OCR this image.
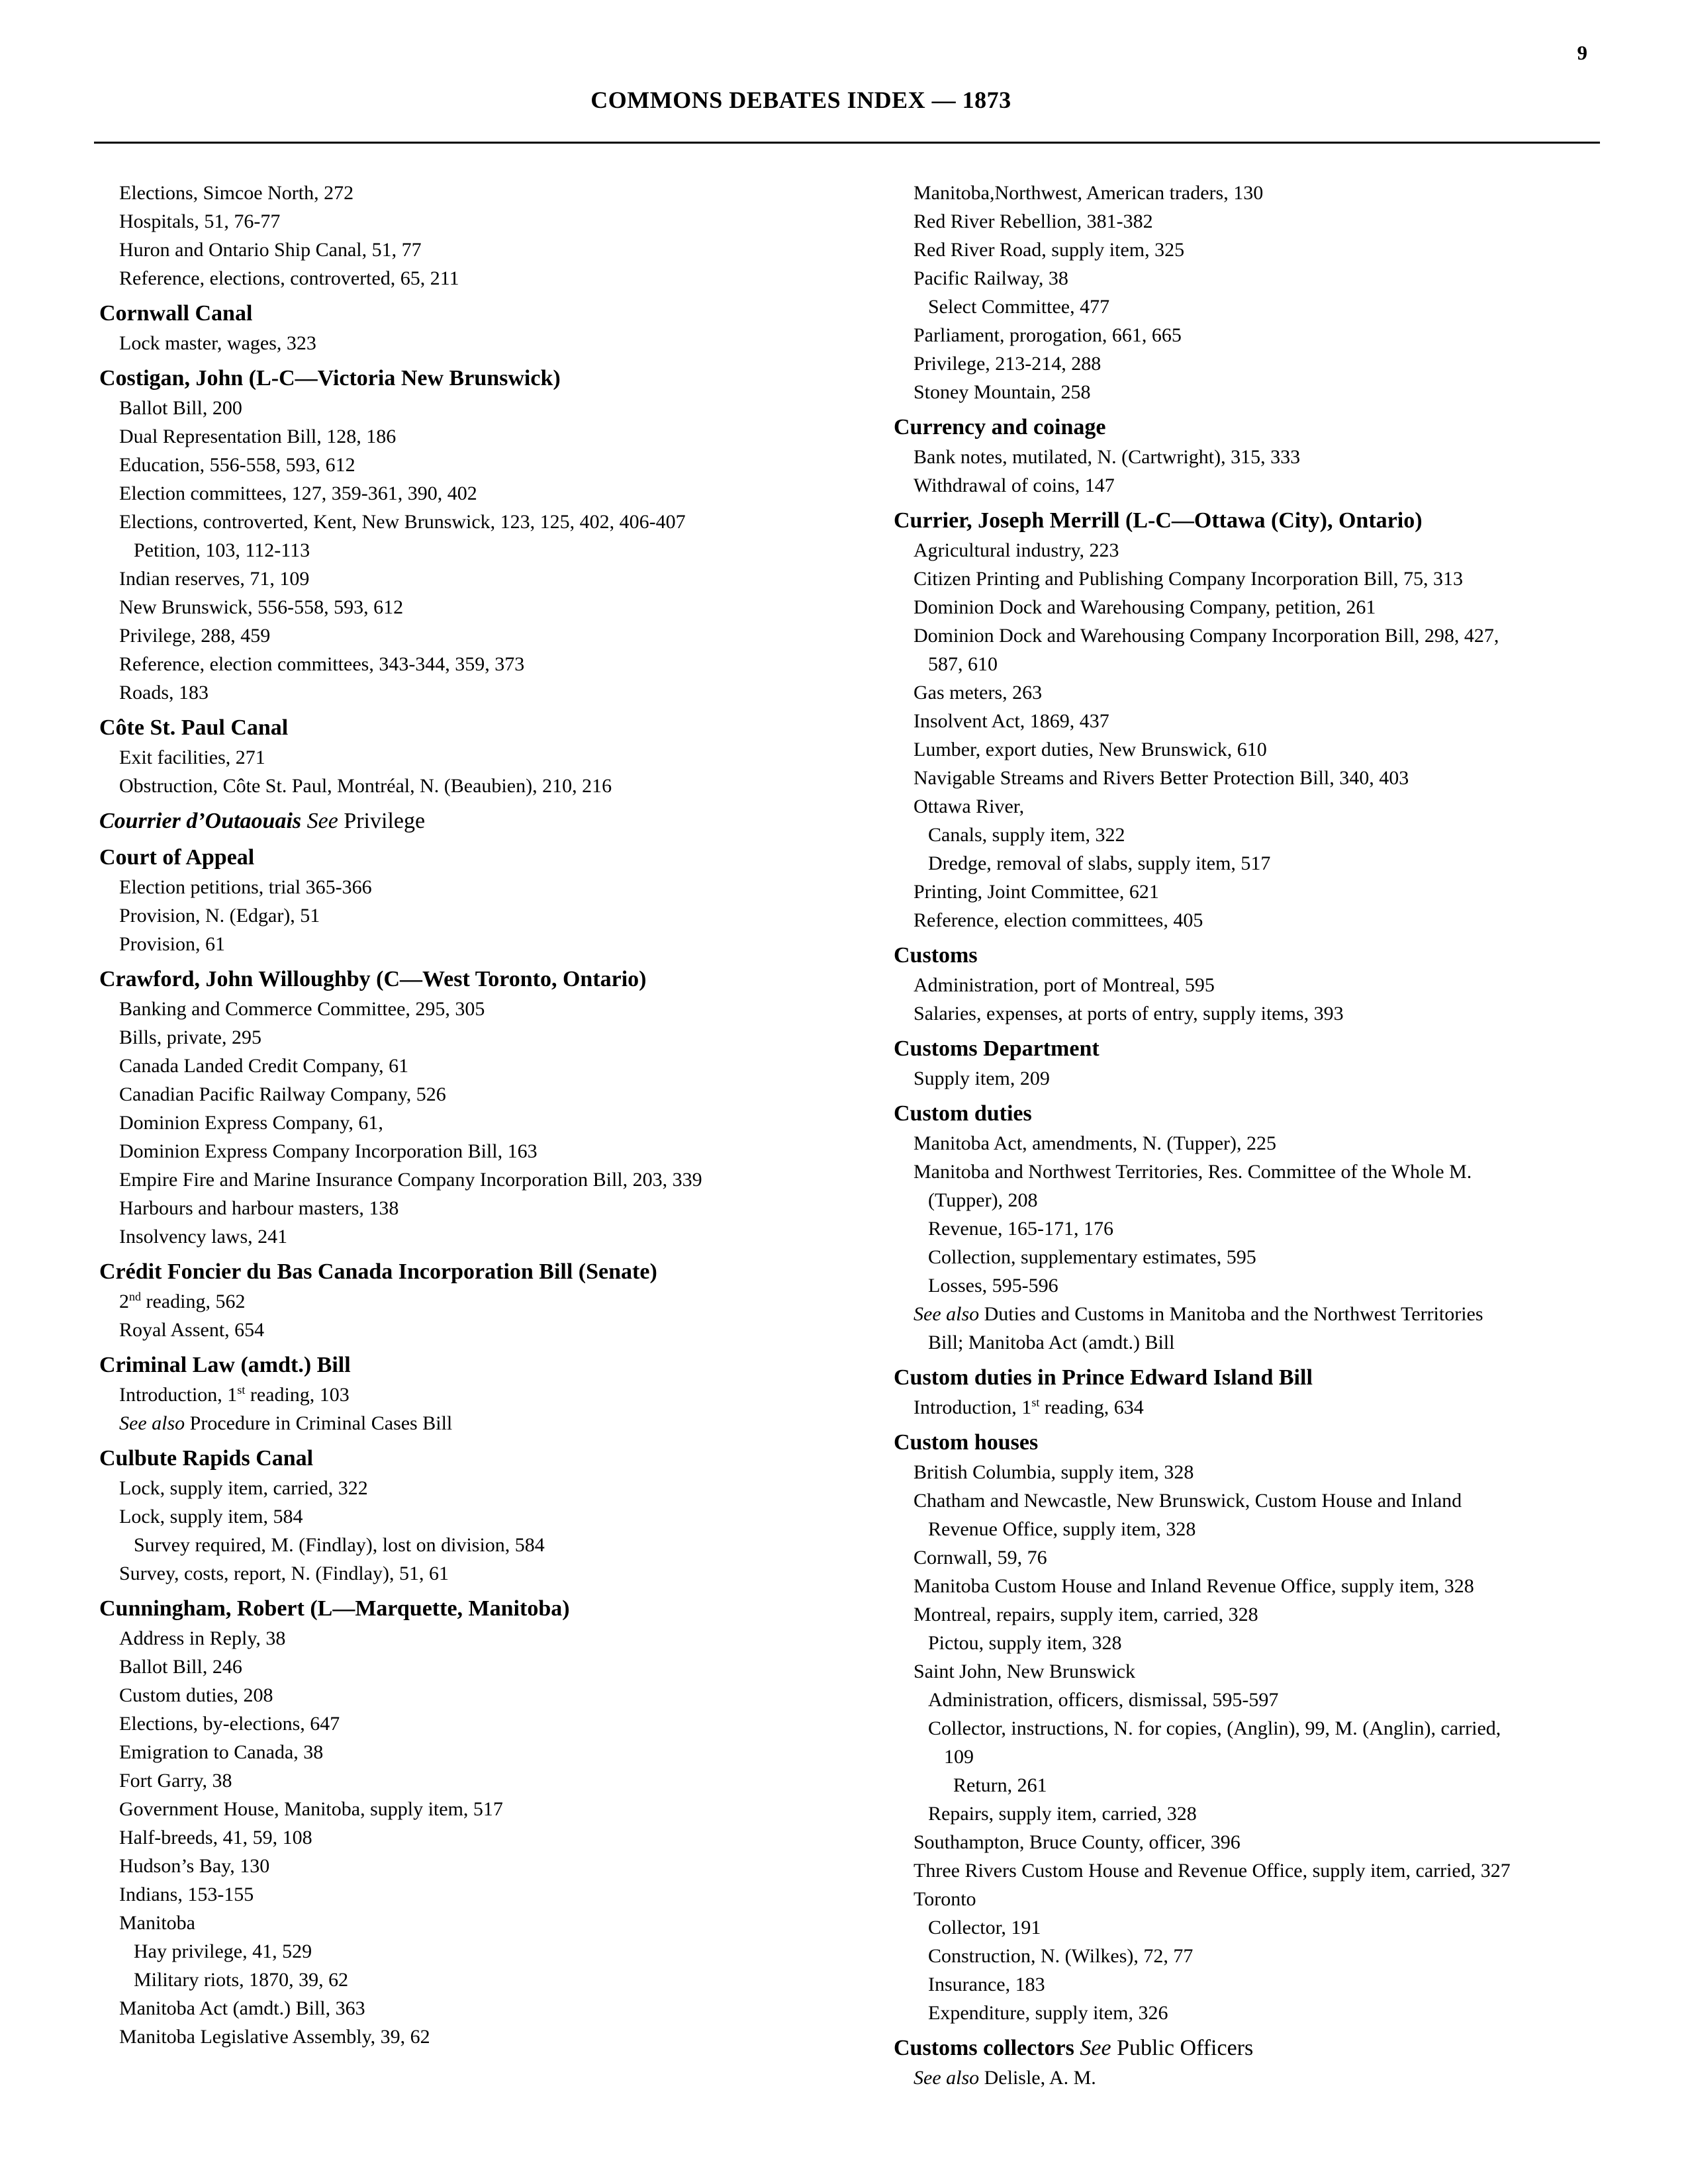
9
COMMONS DEBATES INDEX — 1873
Elections, Simcoe North, 272
Hospitals, 51, 76-77
Huron and Ontario Ship Canal, 51, 77
Reference, elections, controverted, 65, 211
Cornwall Canal
Lock master, wages, 323
Costigan, John (L-C—Victoria New Brunswick)
Ballot Bill, 200
Dual Representation Bill, 128, 186
Education, 556-558, 593, 612
Election committees, 127, 359-361, 390, 402
Elections, controverted, Kent, New Brunswick, 123, 125, 402, 406-407
Petition, 103, 112-113
Indian reserves, 71, 109
New Brunswick, 556-558, 593, 612
Privilege, 288, 459
Reference, election committees, 343-344, 359, 373
Roads, 183
Côte St. Paul Canal
Exit facilities, 271
Obstruction, Côte St. Paul, Montréal, N. (Beaubien), 210, 216
Courrier d’Outaouais See Privilege
Court of Appeal
Election petitions, trial 365-366
Provision, N. (Edgar), 51
Provision, 61
Crawford, John Willoughby (C—West Toronto, Ontario)
Banking and Commerce Committee, 295, 305
Bills, private, 295
Canada Landed Credit Company, 61
Canadian Pacific Railway Company, 526
Dominion Express Company, 61,
Dominion Express Company Incorporation Bill, 163
Empire Fire and Marine Insurance Company Incorporation Bill, 203, 339
Harbours and harbour masters, 138
Insolvency laws, 241
Crédit Foncier du Bas Canada Incorporation Bill (Senate)
2nd reading, 562
Royal Assent, 654
Criminal Law (amdt.) Bill
Introduction, 1st reading, 103
See also Procedure in Criminal Cases Bill
Culbute Rapids Canal
Lock, supply item, carried, 322
Lock, supply item, 584
Survey required, M. (Findlay), lost on division, 584
Survey, costs, report, N. (Findlay), 51, 61
Cunningham, Robert (L—Marquette, Manitoba)
Address in Reply, 38
Ballot Bill, 246
Custom duties, 208
Elections, by-elections, 647
Emigration to Canada, 38
Fort Garry, 38
Government House, Manitoba, supply item, 517
Half-breeds, 41, 59, 108
Hudson’s Bay, 130
Indians, 153-155
Manitoba
Hay privilege, 41, 529
Military riots, 1870, 39, 62
Manitoba Act (amdt.) Bill, 363
Manitoba Legislative Assembly, 39, 62
Manitoba,Northwest, American traders, 130
Red River Rebellion, 381-382
Red River Road, supply item, 325
Pacific Railway, 38
Select Committee, 477
Parliament, prorogation, 661, 665
Privilege, 213-214, 288
Stoney Mountain, 258
Currency and coinage
Bank notes, mutilated, N. (Cartwright), 315, 333
Withdrawal of coins, 147
Currier, Joseph Merrill (L-C—Ottawa (City), Ontario)
Agricultural industry, 223
Citizen Printing and Publishing Company Incorporation Bill, 75, 313
Dominion Dock and Warehousing Company, petition, 261
Dominion Dock and Warehousing Company Incorporation Bill, 298, 427,
587, 610
Gas meters, 263
Insolvent Act, 1869, 437
Lumber, export duties, New Brunswick, 610
Navigable Streams and Rivers Better Protection Bill, 340, 403
Ottawa River,
Canals, supply item, 322
Dredge, removal of slabs, supply item, 517
Printing, Joint Committee, 621
Reference, election committees, 405
Customs
Administration, port of Montreal, 595
Salaries, expenses, at ports of entry, supply items, 393
Customs Department
Supply item, 209
Custom duties
Manitoba Act, amendments, N. (Tupper), 225
Manitoba and Northwest Territories, Res. Committee of the Whole M.
(Tupper), 208
Revenue, 165-171, 176
Collection, supplementary estimates, 595
Losses, 595-596
See also Duties and Customs in Manitoba and the Northwest Territories
Bill; Manitoba Act (amdt.) Bill
Custom duties in Prince Edward Island Bill
Introduction, 1st reading, 634
Custom houses
British Columbia, supply item, 328
Chatham and Newcastle, New Brunswick, Custom House and Inland
Revenue Office, supply item, 328
Cornwall, 59, 76
Manitoba Custom House and Inland Revenue Office, supply item, 328
Montreal, repairs, supply item, carried, 328
Pictou, supply item, 328
Saint John, New Brunswick
Administration, officers, dismissal, 595-597
Collector, instructions, N. for copies, (Anglin), 99, M. (Anglin), carried,
109
Return, 261
Repairs, supply item, carried, 328
Southampton, Bruce County, officer, 396
Three Rivers Custom House and Revenue Office, supply item, carried, 327
Toronto
Collector, 191
Construction, N. (Wilkes), 72, 77
Insurance, 183
Expenditure, supply item, 326
Customs collectors See Public Officers
See also Delisle, A. M.
